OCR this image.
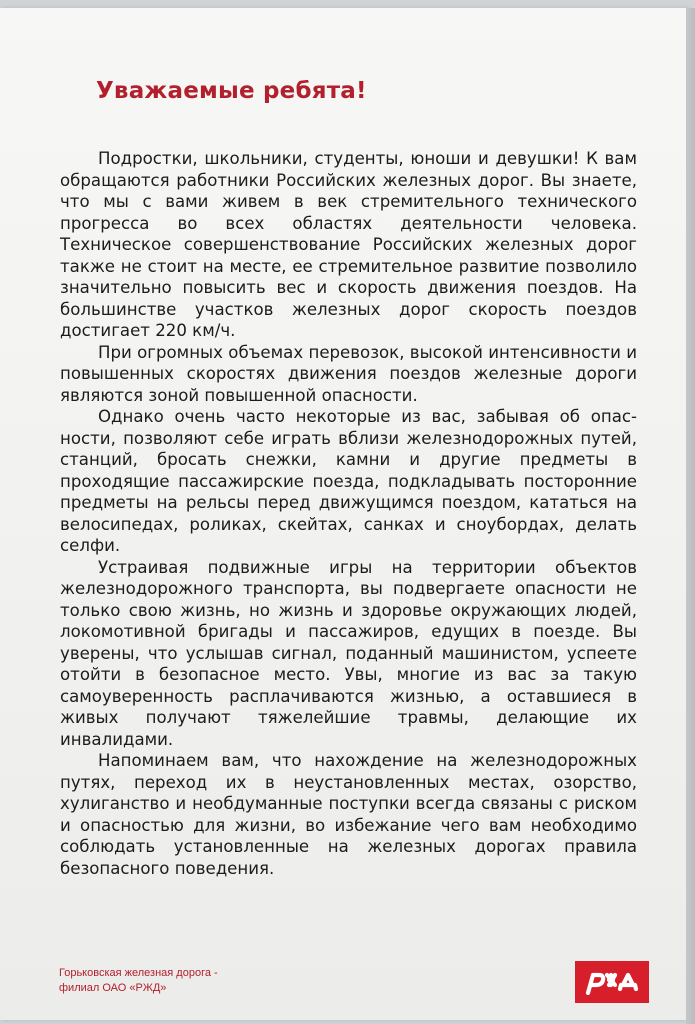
Уважаемые ребята!

Подростки, школьники, студенты, юноши и девушки! К вам обращаются работники Российских железных дорог. Вы знаете, что мы с вами живем в век стремительного технического прогресса во всех областях деятельности человека. Техническое совершенствование Российских железных дорог также не стоит на месте, ее стремительное развитие позволило значительно повысить вес и скорость движения поездов. На большинстве участков железных дорог скорость поездов достигает 220 км/ч.

При огромных объемах перевозок, высокой интенсивности и повышенных скоростях движения поездов железные дороги являются зоной повышенной опасности.

Однако очень часто некоторые из вас, забывая об опасности, позволяют себе играть вблизи железнодорожных путей, станций, бросать снежки, камни и другие предметы в проходящие пассажирские поезда, подкладывать посторонние предметы на рельсы перед движущимся поездом, кататься на велосипедах, роликах, скейтах, санках и сноубордах, делать селфи.

Устраивая подвижные игры на территории объектов железнодорожного транспорта, вы подвергаете опасности не только свою жизнь, но жизнь и здоровье окружающих людей, локомотивной бригады и пассажиров, едущих в поезде. Вы уверены, что услышав сигнал, поданный машинистом, успеете отойти в безопасное место. Увы, многие из вас за такую самоуверенность расплачиваются жизнью, а оставшиеся в живых получают тяжелейшие травмы, делающие их инвалидами.

Напоминаем вам, что нахождение на железнодорожных путях, переход их в неустановленных местах, озорство, хулиганство и необдуманные поступки всегда связаны с риском и опасностью для жизни, во избежание чего вам необходимо соблюдать установленные на железных дорогах правила безопасного поведения.

Горьковская железная дорога -
филиал ОАО «РЖД»
